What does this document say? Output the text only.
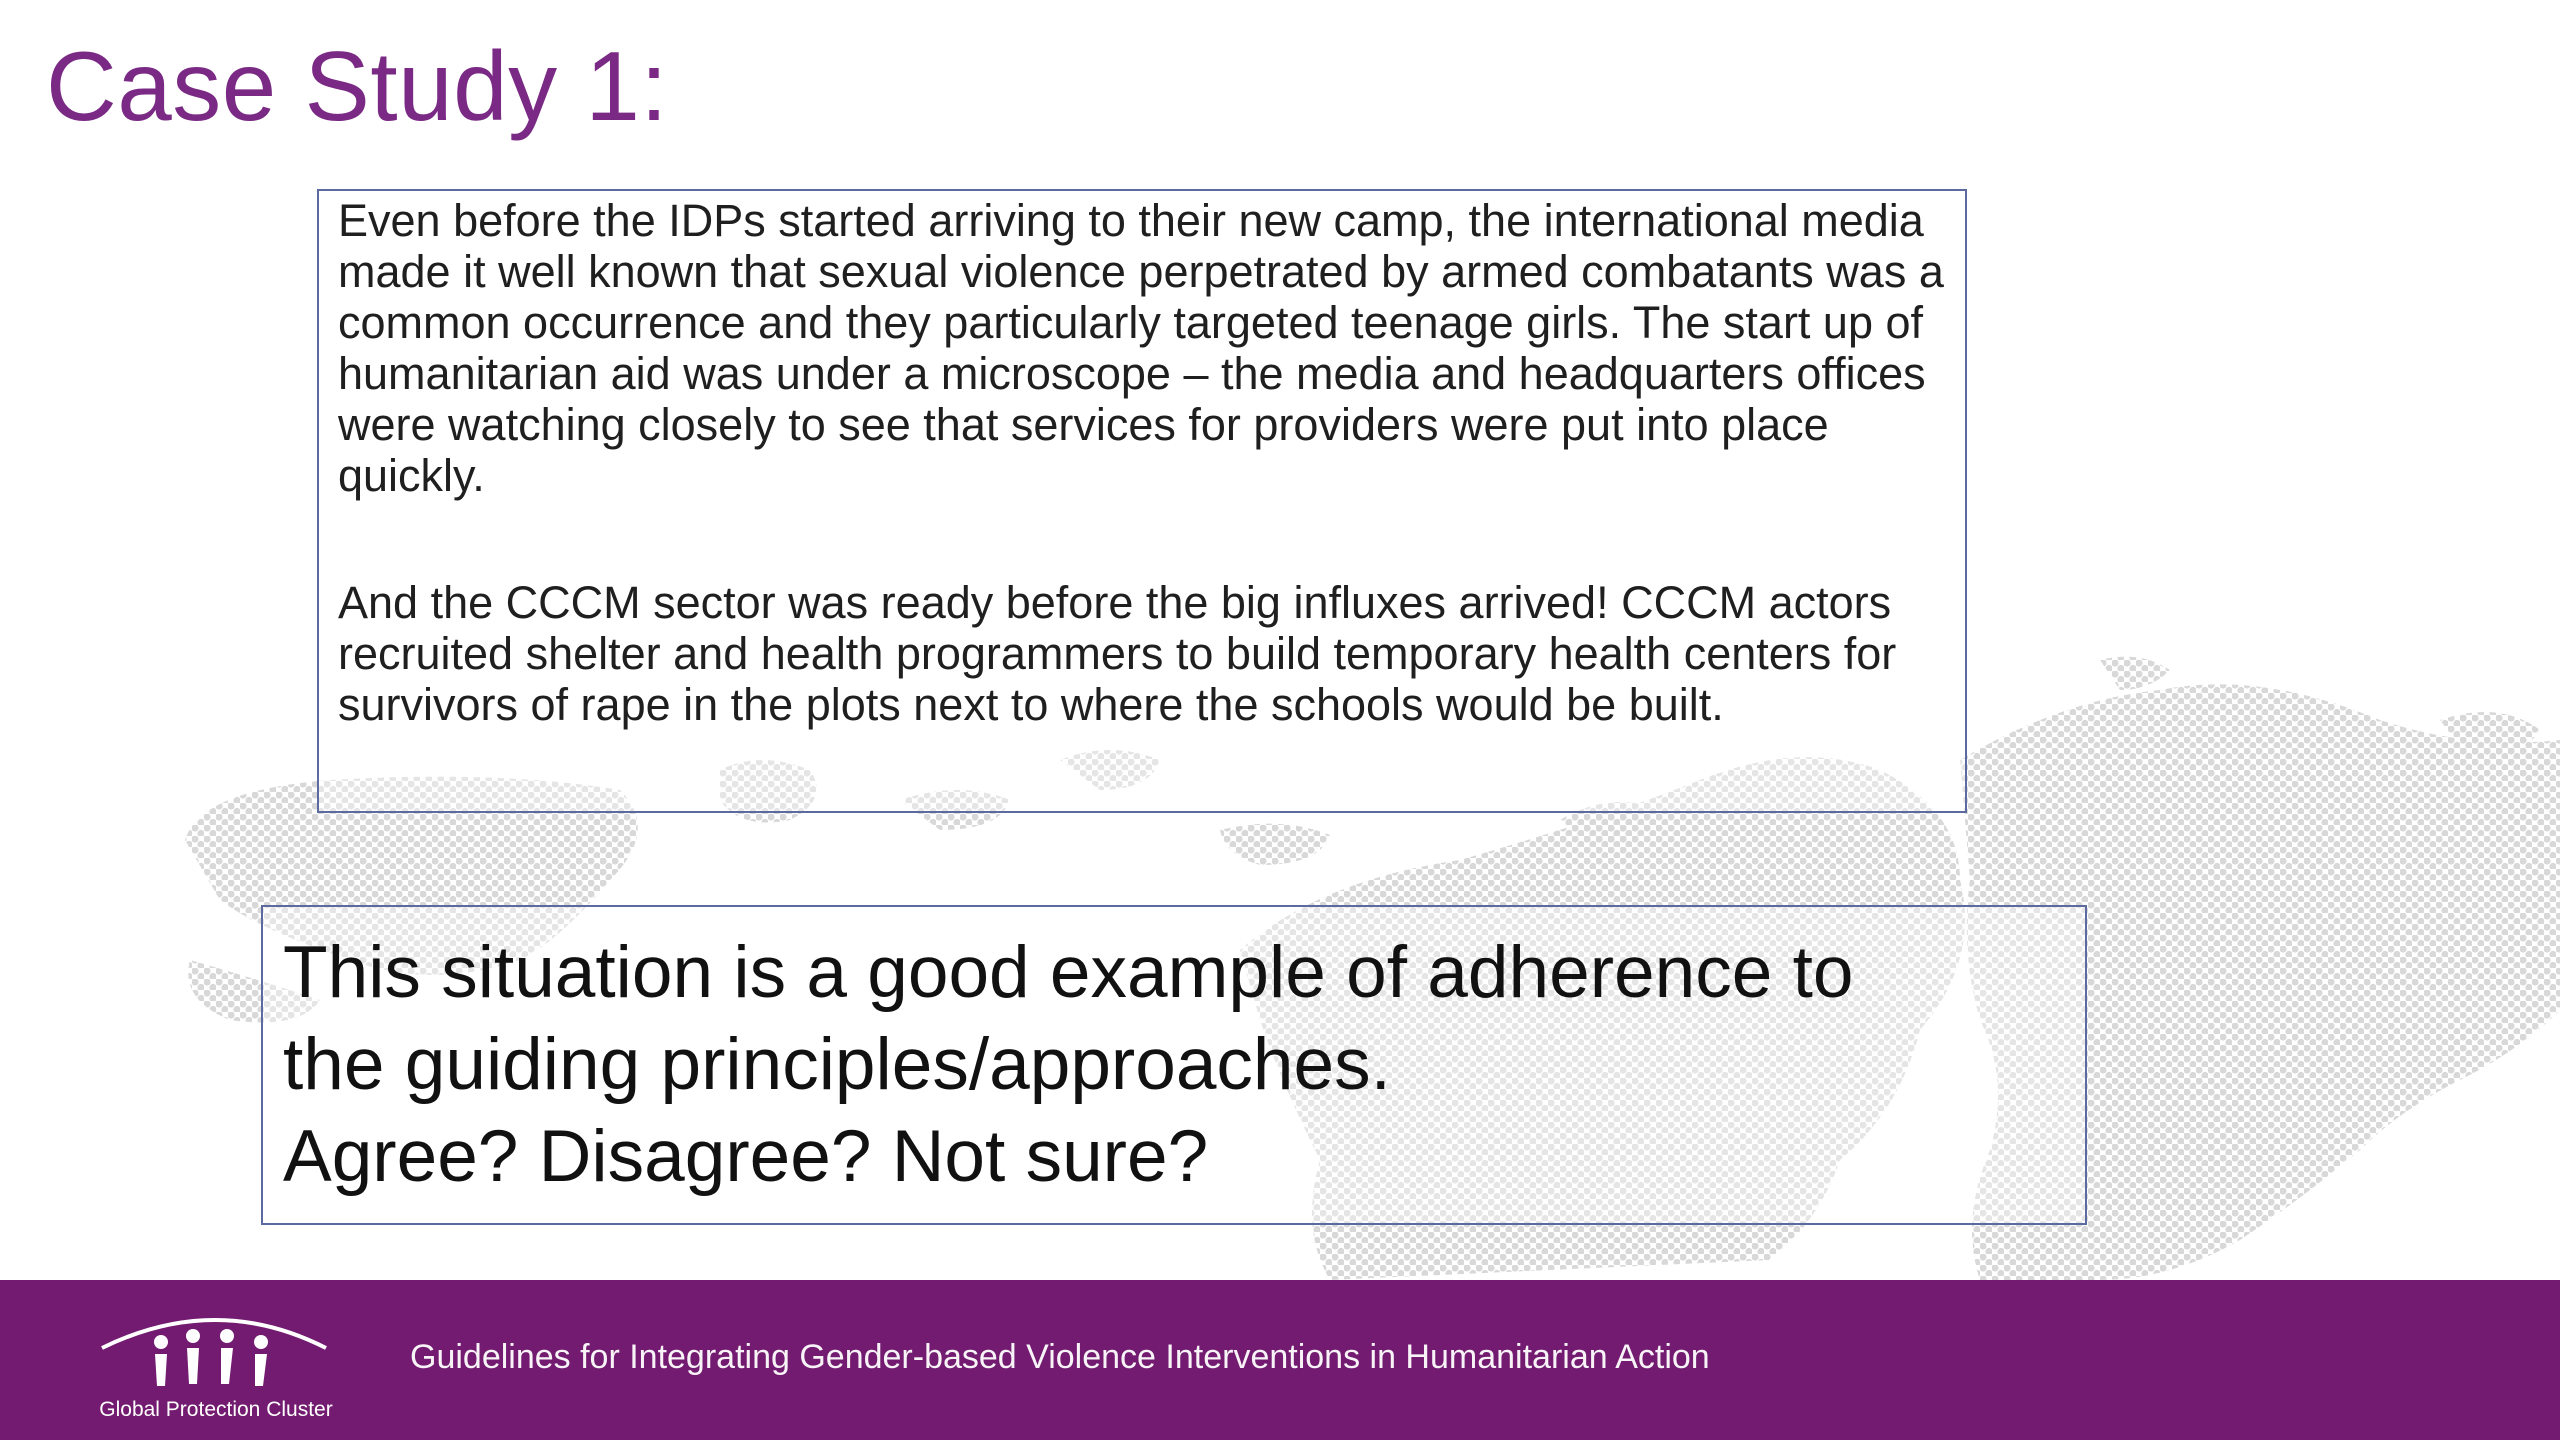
Case Study 1:

Even before the IDPs started arriving to their new camp, the international media made it well known that sexual violence perpetrated by armed combatants was a common occurrence and they particularly targeted teenage girls. The start up of humanitarian aid was under a microscope – the media and headquarters offices were watching closely to see that services for providers were put into place quickly.

And the CCCM sector was ready before the big influxes arrived! CCCM actors recruited shelter and health programmers to build temporary health centers for survivors of rape in the plots next to where the schools would be built.

This situation is a good example of adherence to
the guiding principles/approaches.
Agree? Disagree? Not sure?
Global Protection Cluster
Guidelines for Integrating Gender-based Violence Interventions in Humanitarian Action
